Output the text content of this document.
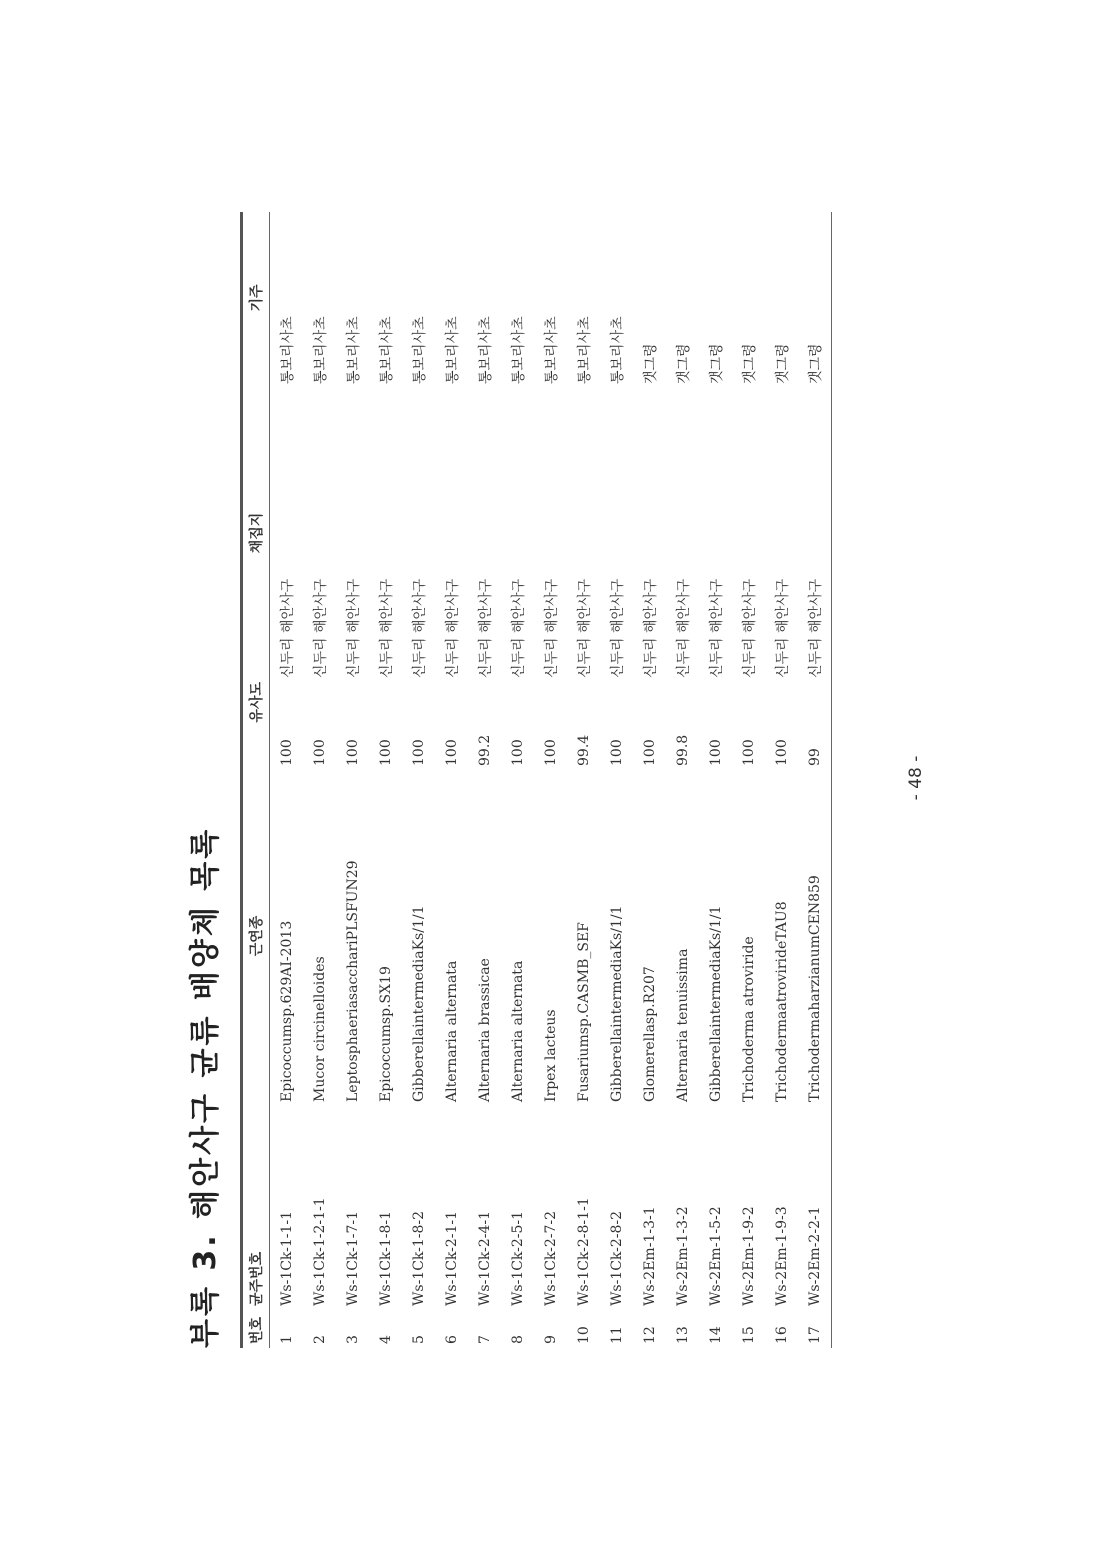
부록 3. 해안사구 균류 배양체 목록 번호	균주번호	근연종	유사도	채집지	기주
1	Ws-1Ck-1-1-1	Epicoccumsp.629AI-2013	100	신두리 해안사구	통보리사초
2	Ws-1Ck-1-2-1-1	Mucor circinelloides	100	신두리 해안사구	통보리사초
3	Ws-1Ck-1-7-1	LeptosphaeriasacchariPLSFUN29	100	신두리 해안사구	통보리사초
4	Ws-1Ck-1-8-1	Epicoccumsp.SX19	100	신두리 해안사구	통보리사초
5	Ws-1Ck-1-8-2	GibberellaintermediaKs/1/1	100	신두리 해안사구	통보리사초
6	Ws-1Ck-2-1-1	Alternaria alternata	100	신두리 해안사구	통보리사초
7	Ws-1Ck-2-4-1	Alternaria brassicae	99.2	신두리 해안사구	통보리사초
8	Ws-1Ck-2-5-1	Alternaria alternata	100	신두리 해안사구	통보리사초
9	Ws-1Ck-2-7-2	Irpex lacteus	100	신두리 해안사구	통보리사초
10	Ws-1Ck-2-8-1-1	Fusariumsp.CASMB_SEF	99.4	신두리 해안사구	통보리사초
11	Ws-1Ck-2-8-2	GibberellaintermediaKs/1/1	100	신두리 해안사구	통보리사초
12	Ws-2Em-1-3-1	Glomerellasp.R207	100	신두리 해안사구	갯그령
13	Ws-2Em-1-3-2	Alternaria tenuissima	99.8	신두리 해안사구	갯그령
14	Ws-2Em-1-5-2	GibberellaintermediaKs/1/1	100	신두리 해안사구	갯그령
15	Ws-2Em-1-9-2	Trichoderma atroviride	100	신두리 해안사구	갯그령
16	Ws-2Em-1-9-3	TrichodermaatrovirideTAU8	100	신두리 해안사구	갯그령
17	Ws-2Em-2-2-1	TrichodermaharzianumCEN859	99	신두리 해안사구	갯그령
- 48 -
